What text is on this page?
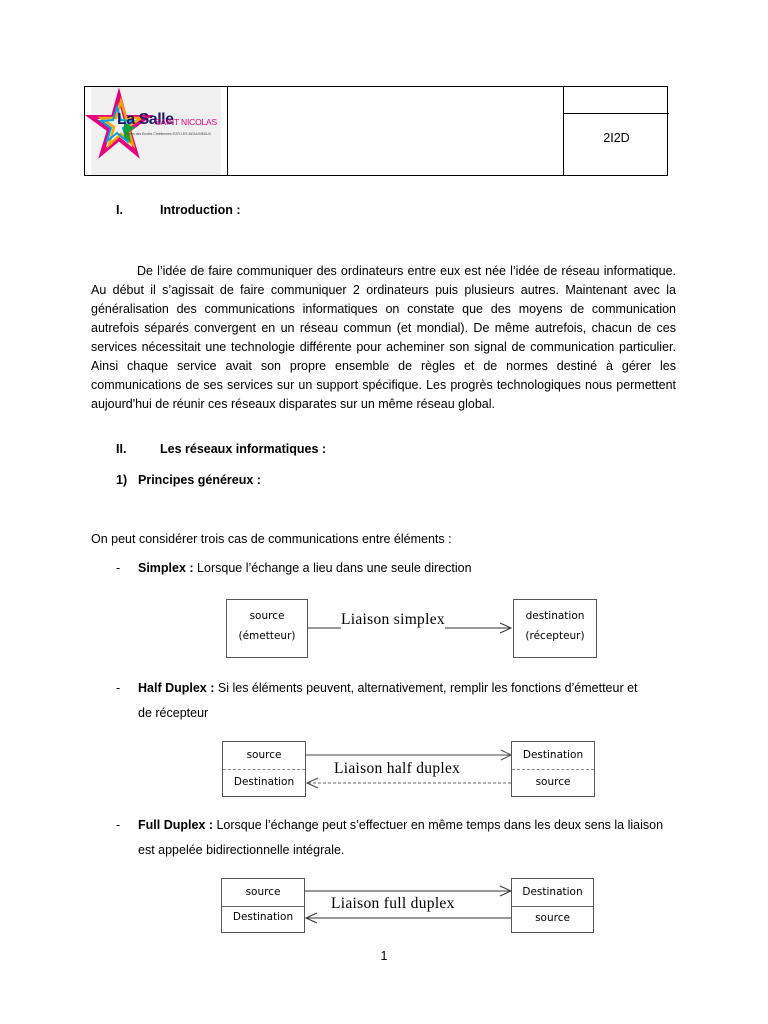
La Salle
SAINT NICOLAS
Frères des Écoles Chrétiennes ISSY-LES-MOULINEAUX	2I2D
I.	Introduction :
De l’idée de faire communiquer des ordinateurs entre eux est née l’idée de réseau informatique. Au début il s’agissait de faire communiquer 2 ordinateurs puis plusieurs autres. Maintenant avec la généralisation des communications informatiques on constate que des moyens de communication autrefois séparés convergent en un réseau commun (et mondial). De même autrefois, chacun de ces services nécessitait une technologie différente pour acheminer son signal de communication particulier. Ainsi chaque service avait son propre ensemble de règles et de normes destiné à gérer les communications de ses services sur un support spécifique. Les progrès technologiques nous permettent aujourd'hui de réunir ces réseaux disparates sur un même réseau global.
II.	Les réseaux informatiques :
1) Principes généreux :
On peut considérer trois cas de communications entre éléments :
- Simplex : Lorsque l’échange a lieu dans une seule direction
source
(émetteur)
destination
(récepteur)
Liaison simplex
- Half Duplex : Si les éléments peuvent, alternativement, remplir les fonctions d’émetteur et
de récepteur
source
Destination
Destination
source
Liaison half duplex
- Full Duplex : Lorsque l’échange peut s’effectuer en même temps dans les deux sens la liaison
est appelée bidirectionnelle intégrale.
source
Destination
Destination
source
Liaison full duplex
1
